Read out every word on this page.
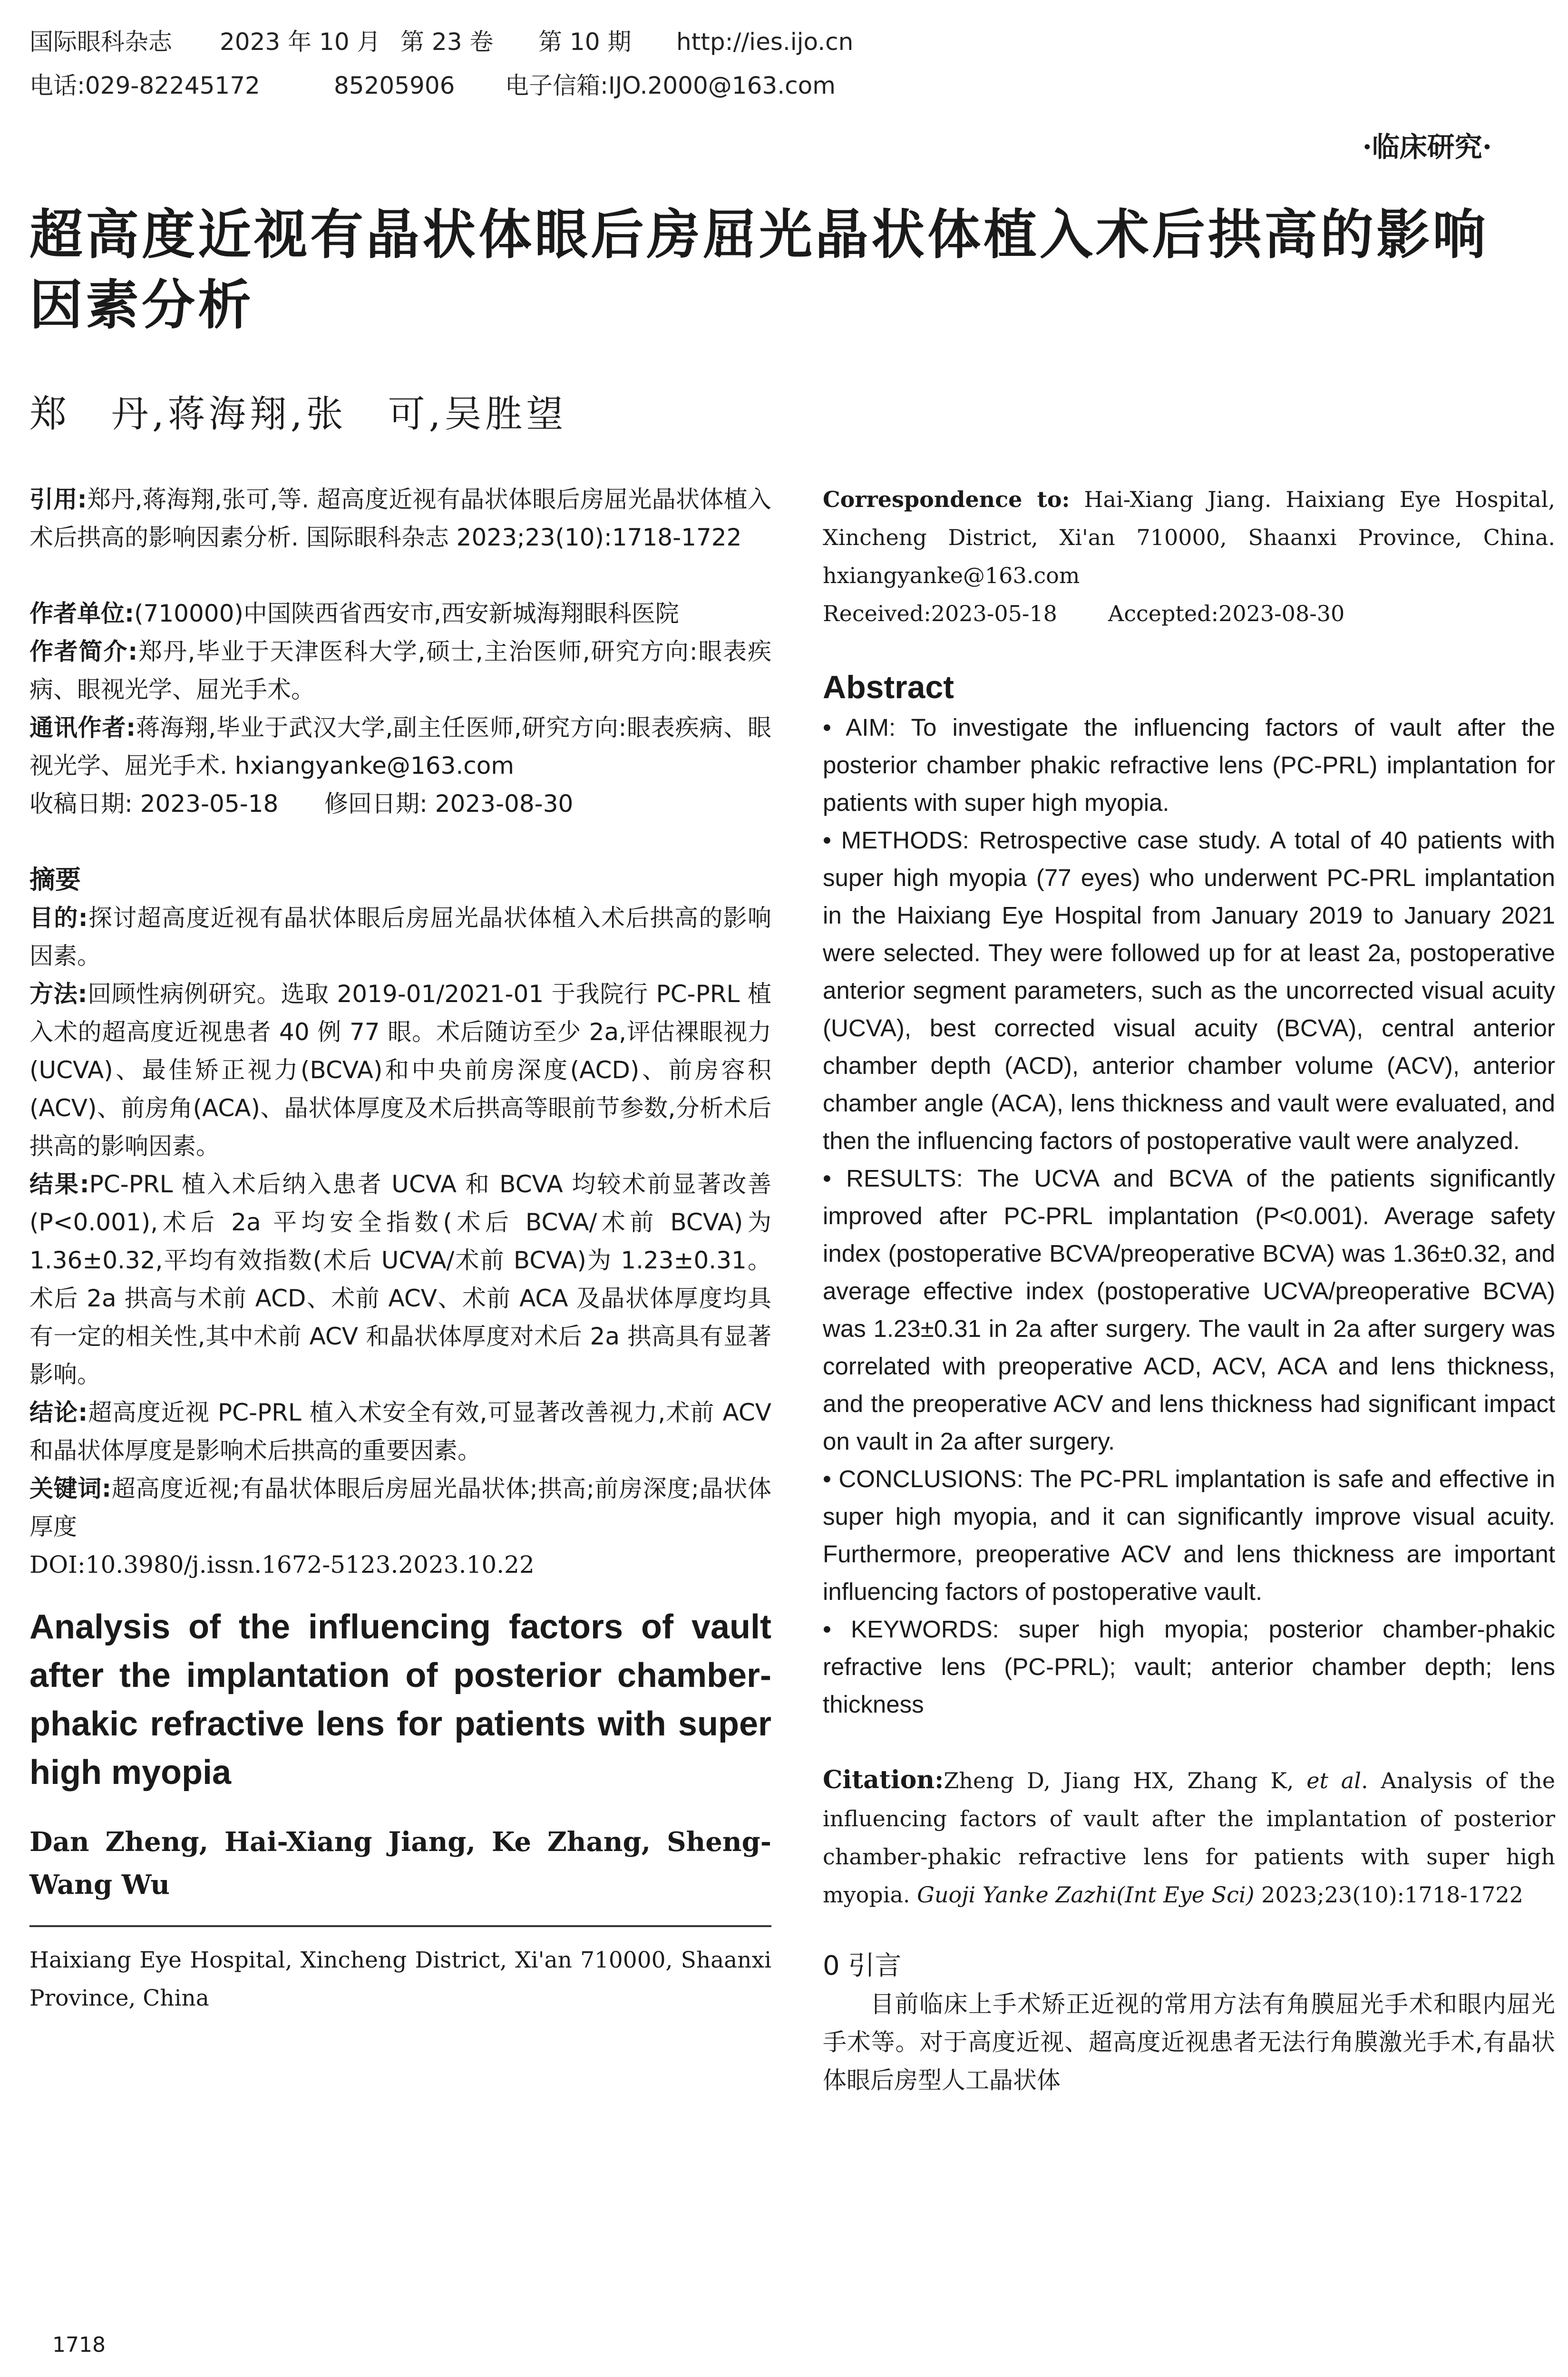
国际眼科杂志 2023 年 10 月 第 23 卷 第 10 期 http://ies.ijo.cn
电话:029-82245172	85205906 电子信箱:IJO.2000@163.com
·临床研究·
超高度近视有晶状体眼后房屈光晶状体植入术后拱高的影响因素分析
郑　丹,蒋海翔,张　可,吴胜望

引用:郑丹,蒋海翔,张可,等. 超高度近视有晶状体眼后房屈光晶状体植入术后拱高的影响因素分析. 国际眼科杂志 2023;23(10):1718-1722

作者单位:(710000)中国陕西省西安市,西安新城海翔眼科医院

作者简介:郑丹,毕业于天津医科大学,硕士,主治医师,研究方向:眼表疾病、眼视光学、屈光手术。

通讯作者:蒋海翔,毕业于武汉大学,副主任医师,研究方向:眼表疾病、眼视光学、屈光手术. hxiangyanke@163.com

收稿日期: 2023-05-18 修回日期: 2023-08-30

摘要

目的:探讨超高度近视有晶状体眼后房屈光晶状体植入术后拱高的影响因素。

方法:回顾性病例研究。选取 2019-01/2021-01 于我院行 PC-PRL 植入术的超高度近视患者 40 例 77 眼。术后随访至少 2a,评估裸眼视力(UCVA)、最佳矫正视力(BCVA)和中央前房深度(ACD)、前房容积(ACV)、前房角(ACA)、晶状体厚度及术后拱高等眼前节参数,分析术后拱高的影响因素。

结果:PC-PRL 植入术后纳入患者 UCVA 和 BCVA 均较术前显著改善(P<0.001),术后 2a 平均安全指数(术后 BCVA/术前 BCVA)为 1.36±0.32,平均有效指数(术后 UCVA/术前 BCVA)为 1.23±0.31。术后 2a 拱高与术前 ACD、术前 ACV、术前 ACA 及晶状体厚度均具有一定的相关性,其中术前 ACV 和晶状体厚度对术后 2a 拱高具有显著影响。

结论:超高度近视 PC-PRL 植入术安全有效,可显著改善视力,术前 ACV 和晶状体厚度是影响术后拱高的重要因素。

关键词:超高度近视;有晶状体眼后房屈光晶状体;拱高;前房深度;晶状体厚度

DOI:10.3980/j.issn.1672-5123.2023.10.22

Analysis of the influencing factors of vault after the implantation of posterior chamber-phakic refractive lens for patients with super high myopia

Dan Zheng, Hai-Xiang Jiang, Ke Zhang, Sheng-Wang Wu

Haixiang Eye Hospital, Xincheng District, Xi'an 710000, Shaanxi Province, China

Correspondence to: Hai-Xiang Jiang. Haixiang Eye Hospital, Xincheng District, Xi'an 710000, Shaanxi Province, China. hxiangyanke@163.com

Received:2023-05-18 Accepted:2023-08-30

Abstract

• AIM: To investigate the influencing factors of vault after the posterior chamber phakic refractive lens (PC-PRL) implantation for patients with super high myopia.

• METHODS: Retrospective case study. A total of 40 patients with super high myopia (77 eyes) who underwent PC-PRL implantation in the Haixiang Eye Hospital from January 2019 to January 2021 were selected. They were followed up for at least 2a, postoperative anterior segment parameters, such as the uncorrected visual acuity (UCVA), best corrected visual acuity (BCVA), central anterior chamber depth (ACD), anterior chamber volume (ACV), anterior chamber angle (ACA), lens thickness and vault were evaluated, and then the influencing factors of postoperative vault were analyzed.

• RESULTS: The UCVA and BCVA of the patients significantly improved after PC-PRL implantation (P<0.001). Average safety index (postoperative BCVA/preoperative BCVA) was 1.36±0.32, and average effective index (postoperative UCVA/preoperative BCVA) was 1.23±0.31 in 2a after surgery. The vault in 2a after surgery was correlated with preoperative ACD, ACV, ACA and lens thickness, and the preoperative ACV and lens thickness had significant impact on vault in 2a after surgery.

• CONCLUSIONS: The PC-PRL implantation is safe and effective in super high myopia, and it can significantly improve visual acuity. Furthermore, preoperative ACV and lens thickness are important influencing factors of postoperative vault.

• KEYWORDS: super high myopia; posterior chamber-phakic refractive lens (PC-PRL); vault; anterior chamber depth; lens thickness

Citation:Zheng D, Jiang HX, Zhang K, et al. Analysis of the influencing factors of vault after the implantation of posterior chamber-phakic refractive lens for patients with super high myopia. Guoji Yanke Zazhi(Int Eye Sci) 2023;23(10):1718-1722

0 引言

目前临床上手术矫正近视的常用方法有角膜屈光手术和眼内屈光手术等。对于高度近视、超高度近视患者无法行角膜激光手术,有晶状体眼后房型人工晶状体

1718
